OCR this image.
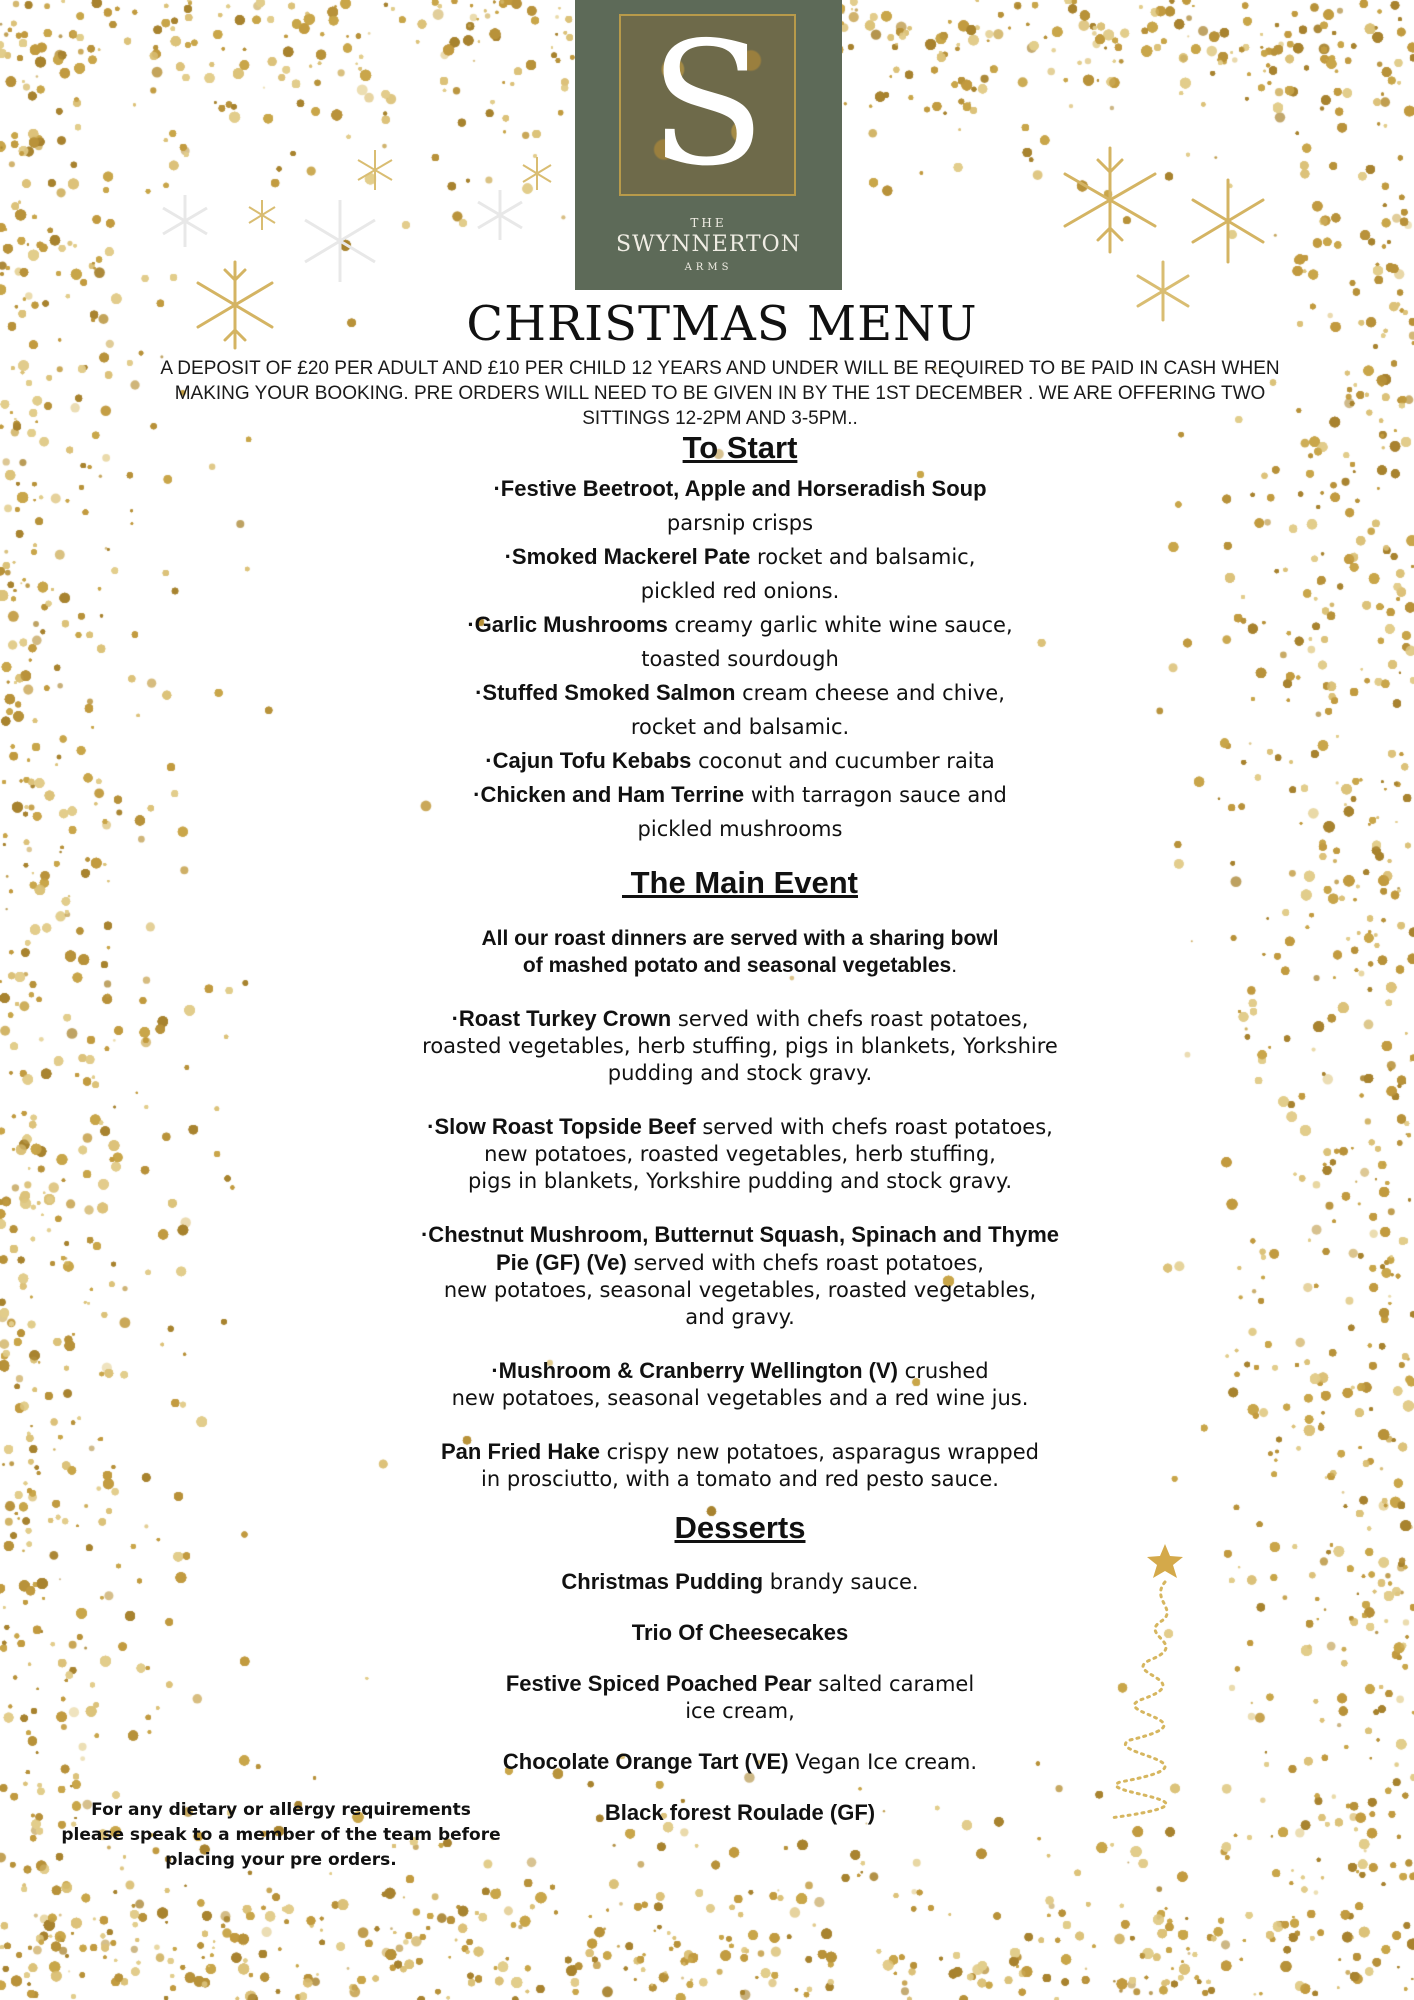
S
THE
SWYNNERTON
ARMS
CHRISTMAS MENU
A DEPOSIT OF £20 PER ADULT AND £10 PER CHILD 12 YEARS AND UNDER WILL BE REQUIRED TO BE PAID IN CASH WHEN MAKING YOUR BOOKING. PRE ORDERS WILL NEED TO BE GIVEN IN BY THE 1ST DECEMBER . WE ARE OFFERING TWO SITTINGS 12-2PM AND 3-5PM..
To Start
·Festive Beetroot, Apple and Horseradish Soup
parsnip crisps
·Smoked Mackerel Pate rocket and balsamic,
pickled red onions.
·Garlic Mushrooms creamy garlic white wine sauce,
toasted sourdough
·Stuffed Smoked Salmon cream cheese and chive,
rocket and balsamic.
·Cajun Tofu Kebabs coconut and cucumber raita
·Chicken and Ham Terrine with tarragon sauce and
pickled mushrooms
The Main Event
All our roast dinners are served with a sharing bowl
of mashed potato and seasonal vegetables.
·Roast Turkey Crown served with chefs roast potatoes,
roasted vegetables, herb stuffing, pigs in blankets, Yorkshire
pudding and stock gravy.
·Slow Roast Topside Beef served with chefs roast potatoes,
new potatoes, roasted vegetables, herb stuffing,
pigs in blankets, Yorkshire pudding and stock gravy.
·Chestnut Mushroom, Butternut Squash, Spinach and Thyme
Pie (GF) (Ve) served with chefs roast potatoes,
new potatoes, seasonal vegetables, roasted vegetables,
and gravy.
·Mushroom & Cranberry Wellington (V) crushed
new potatoes, seasonal vegetables and a red wine jus.
Pan Fried Hake crispy new potatoes, asparagus wrapped
in prosciutto, with a tomato and red pesto sauce.
Desserts
Christmas Pudding brandy sauce.
Trio Of Cheesecakes
Festive Spiced Poached Pear salted caramel
ice cream,
Chocolate Orange Tart (VE) Vegan Ice cream.
Black forest Roulade (GF)
For any dietary or allergy requirements
please speak to a member of the team before
placing your pre orders.
